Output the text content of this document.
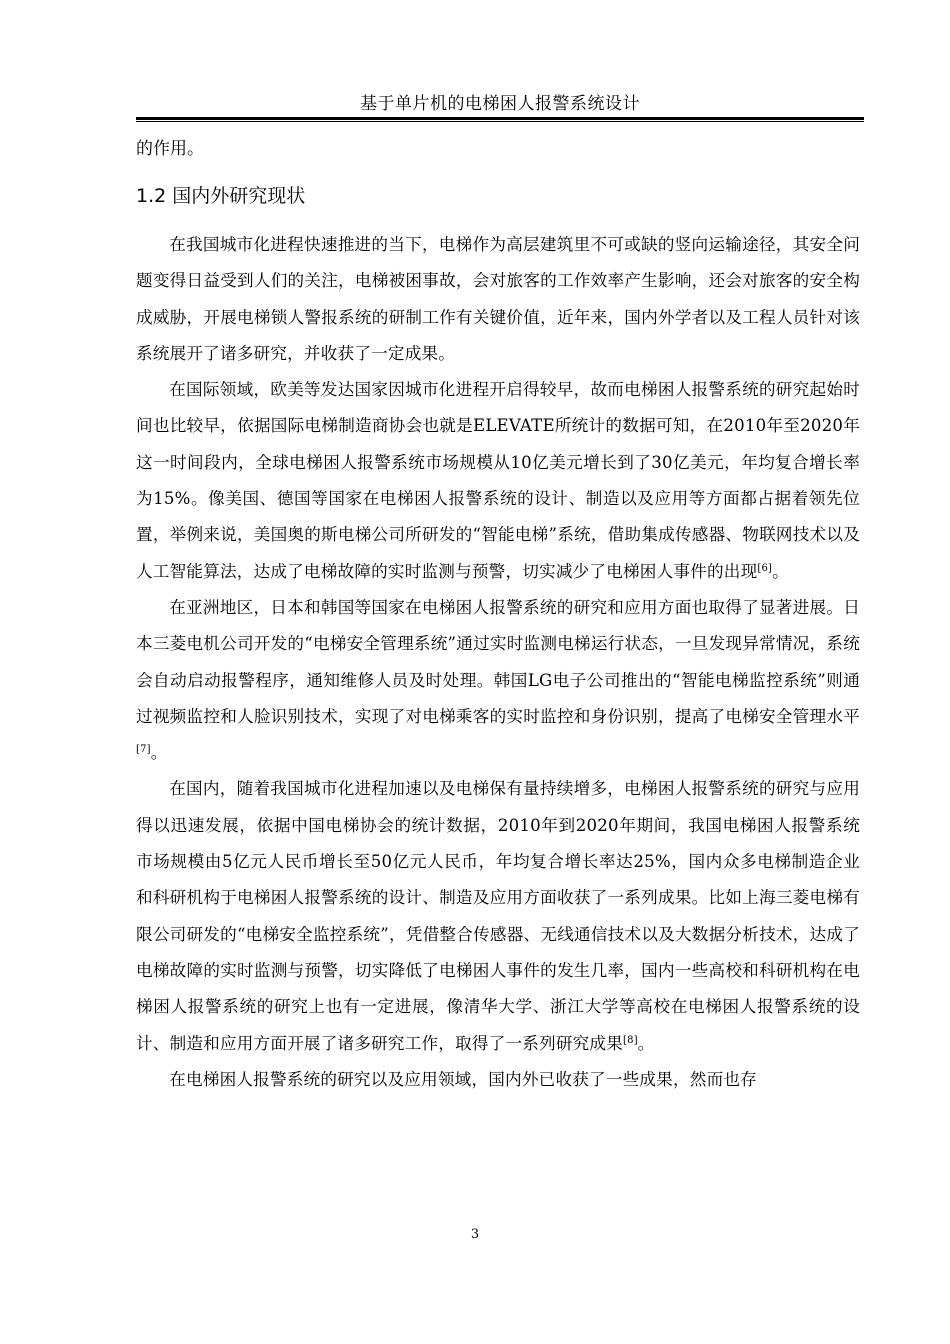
基于单片机的电梯困人报警系统设计

的作用。

1.2 国内外研究现状

在我国城市化进程快速推进的当下，电梯作为高层建筑里不可或缺的竖向运输途径，其安全问题变得日益受到人们的关注，电梯被困事故，会对旅客的工作效率产生影响，还会对旅客的安全构成威胁，开展电梯锁人警报系统的研制工作有关键价值，近年来，国内外学者以及工程人员针对该系统展开了诸多研究，并收获了一定成果。

在国际领域，欧美等发达国家因城市化进程开启得较早，故而电梯困人报警系统的研究起始时间也比较早，依据国际电梯制造商协会也就是ELEVATE所统计的数据可知，在2010年至2020年这一时间段内，全球电梯困人报警系统市场规模从10亿美元增长到了30亿美元，年均复合增长率为15%。像美国、德国等国家在电梯困人报警系统的设计、制造以及应用等方面都占据着领先位置，举例来说，美国奥的斯电梯公司所研发的“智能电梯”系统，借助集成传感器、物联网技术以及人工智能算法，达成了电梯故障的实时监测与预警，切实减少了电梯困人事件的出现[6]。

在亚洲地区，日本和韩国等国家在电梯困人报警系统的研究和应用方面也取得了显著进展。日本三菱电机公司开发的“电梯安全管理系统”通过实时监测电梯运行状态，一旦发现异常情况，系统会自动启动报警程序，通知维修人员及时处理。韩国LG电子公司推出的“智能电梯监控系统”则通过视频监控和人脸识别技术，实现了对电梯乘客的实时监控和身份识别，提高了电梯安全管理水平[7]。

在国内，随着我国城市化进程加速以及电梯保有量持续增多，电梯困人报警系统的研究与应用得以迅速发展，依据中国电梯协会的统计数据，2010年到2020年期间，我国电梯困人报警系统市场规模由5亿元人民币增长至50亿元人民币，年均复合增长率达25%，国内众多电梯制造企业和科研机构于电梯困人报警系统的设计、制造及应用方面收获了一系列成果。比如上海三菱电梯有限公司研发的“电梯安全监控系统”，凭借整合传感器、无线通信技术以及大数据分析技术，达成了电梯故障的实时监测与预警，切实降低了电梯困人事件的发生几率，国内一些高校和科研机构在电梯困人报警系统的研究上也有一定进展，像清华大学、浙江大学等高校在电梯困人报警系统的设计、制造和应用方面开展了诸多研究工作，取得了一系列研究成果[8]。

在电梯困人报警系统的研究以及应用领域，国内外已收获了一些成果，然而也存

3
